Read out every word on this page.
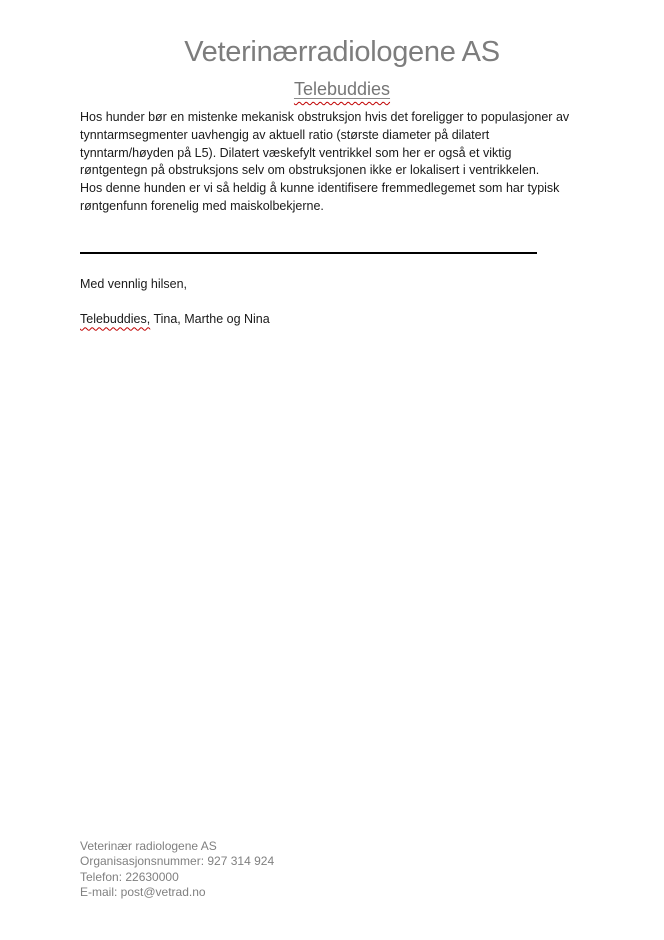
Veterinærradiologene AS
Telebuddies
Hos hunder bør en mistenke mekanisk obstruksjon hvis det foreligger to populasjoner av
tynntarmsegmenter uavhengig av aktuell ratio (største diameter på dilatert
tynntarm/høyden på L5). Dilatert væskefylt ventrikkel som her er også et viktig
røntgentegn på obstruksjons selv om obstruksjonen ikke er lokalisert i ventrikkelen.
Hos denne hunden er vi så heldig å kunne identifisere fremmedlegemet som har typisk
røntgenfunn forenelig med maiskolbekjerne.
Med vennlig hilsen,
Telebuddies, Tina, Marthe og Nina
Veterinær radiologene AS
Organisasjonsnummer: 927 314 924
Telefon: 22630000
E-mail: post@vetrad.no
